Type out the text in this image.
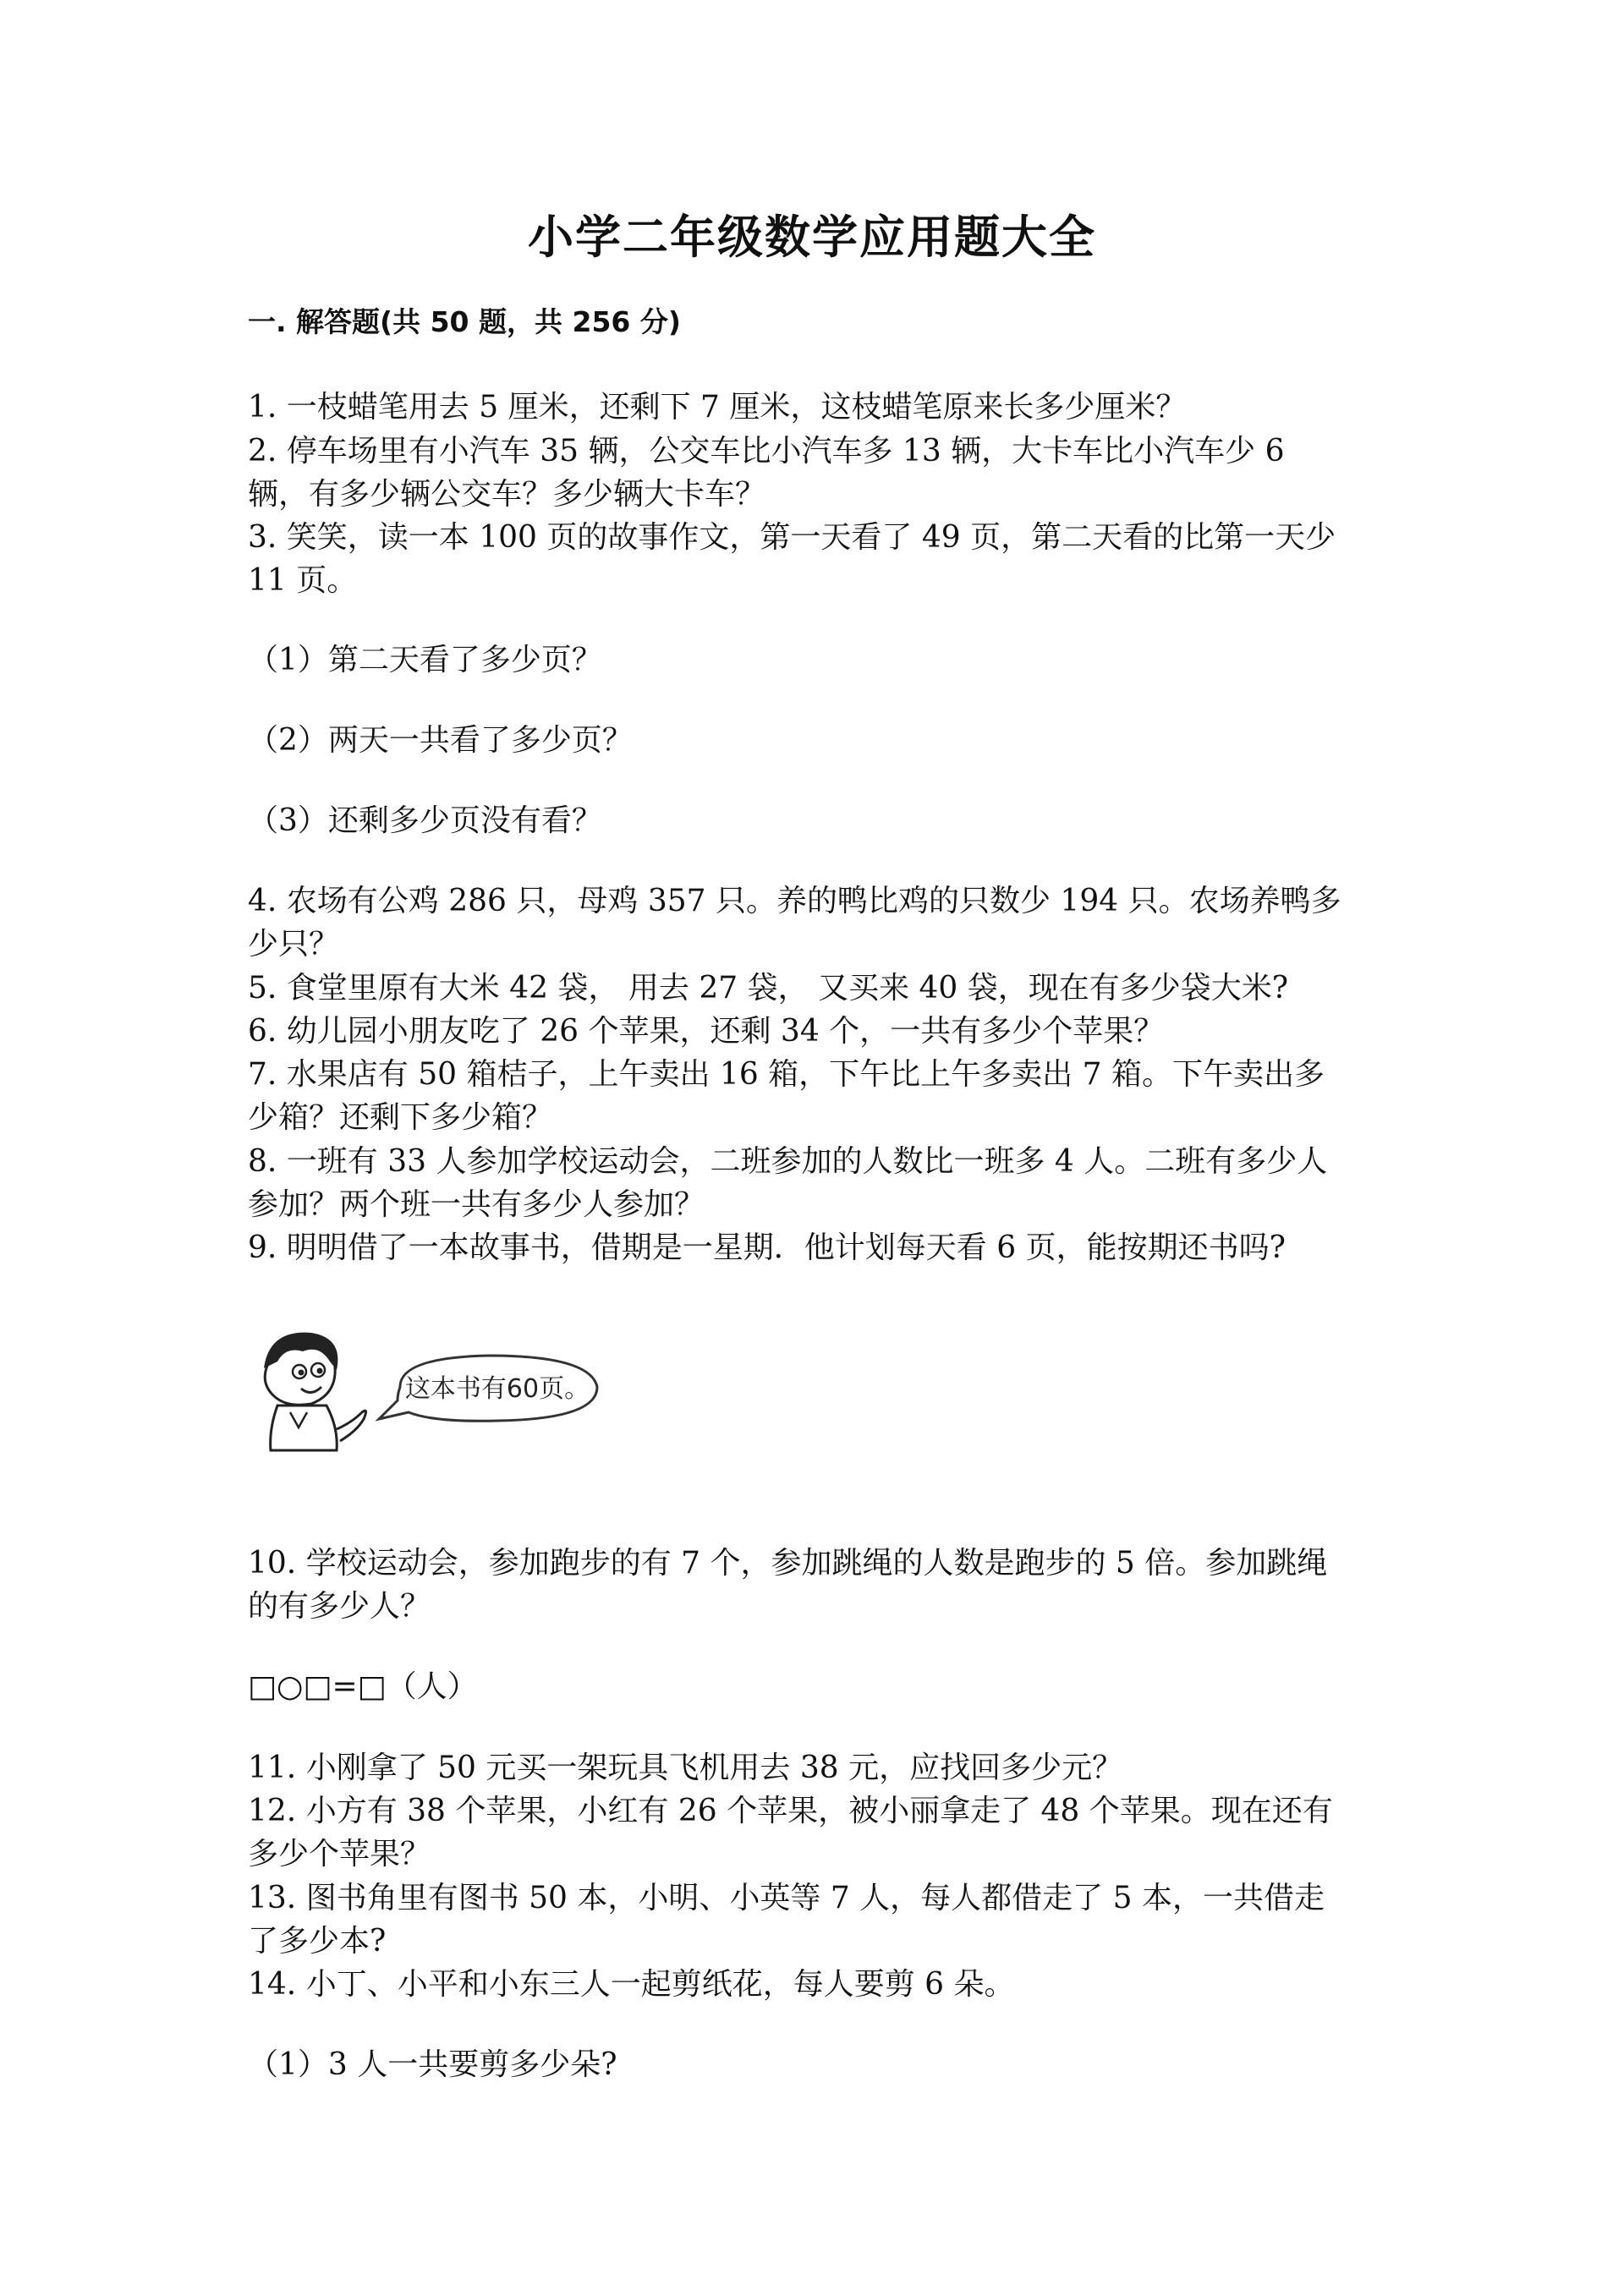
小学二年级数学应用题大全
一. 解答题(共 50 题，共 256 分)
1. 一枝蜡笔用去 5 厘米，还剩下 7 厘米，这枝蜡笔原来长多少厘米？
2. 停车场里有小汽车 35 辆，公交车比小汽车多 13 辆，大卡车比小汽车少 6
辆，有多少辆公交车？多少辆大卡车？
3. 笑笑，读一本 100 页的故事作文，第一天看了 49 页，第二天看的比第一天少
11 页。
（1）第二天看了多少页？
（2）两天一共看了多少页？
（3）还剩多少页没有看？
4. 农场有公鸡 286 只，母鸡 357 只。养的鸭比鸡的只数少 194 只。农场养鸭多
少只？
5. 食堂里原有大米 42 袋， 用去 27 袋， 又买来 40 袋，现在有多少袋大米?
6. 幼儿园小朋友吃了 26 个苹果，还剩 34 个，一共有多少个苹果？
7. 水果店有 50 箱桔子，上午卖出 16 箱，下午比上午多卖出 7 箱。下午卖出多
少箱？还剩下多少箱？
8. 一班有 33 人参加学校运动会，二班参加的人数比一班多 4 人。二班有多少人
参加？两个班一共有多少人参加？
9. 明明借了一本故事书，借期是一星期．他计划每天看 6 页，能按期还书吗?
这本书有60页。
10. 学校运动会，参加跑步的有 7 个，参加跳绳的人数是跑步的 5 倍。参加跳绳
的有多少人？
□○□=□（人）
11. 小刚拿了 50 元买一架玩具飞机用去 38 元，应找回多少元？
12. 小方有 38 个苹果，小红有 26 个苹果，被小丽拿走了 48 个苹果。现在还有
多少个苹果？
13. 图书角里有图书 50 本，小明、小英等 7 人，每人都借走了 5 本，一共借走
了多少本?
14. 小丁、小平和小东三人一起剪纸花，每人要剪 6 朵。
（1）3 人一共要剪多少朵?
